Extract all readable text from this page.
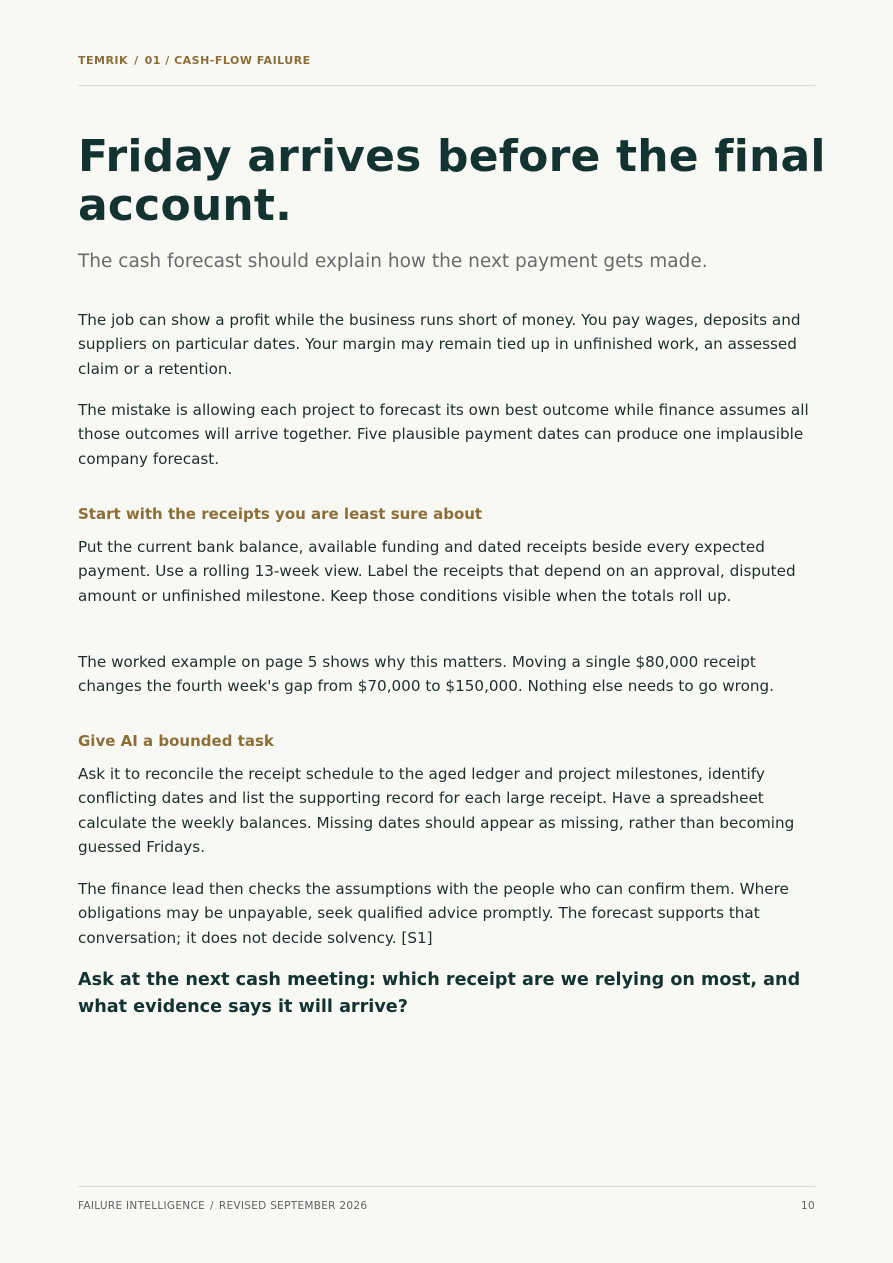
TEMRIK / 01 / CASH-FLOW FAILURE
Friday arrives before the final account.

The cash forecast should explain how the next payment gets made.

The job can show a profit while the business runs short of money. You pay wages, deposits and suppliers on particular dates. Your margin may remain tied up in unfinished work, an assessed claim or a retention.

The mistake is allowing each project to forecast its own best outcome while finance assumes all those outcomes will arrive together. Five plausible payment dates can produce one implausible company forecast.

Start with the receipts you are least sure about

Put the current bank balance, available funding and dated receipts beside every expected payment. Use a rolling 13-week view. Label the receipts that depend on an approval, disputed amount or unfinished milestone. Keep those conditions visible when the totals roll up.

The worked example on page 5 shows why this matters. Moving a single $80,000 receipt changes the fourth week's gap from $70,000 to $150,000. Nothing else needs to go wrong.

Give AI a bounded task

Ask it to reconcile the receipt schedule to the aged ledger and project milestones, identify conflicting dates and list the supporting record for each large receipt. Have a spreadsheet calculate the weekly balances. Missing dates should appear as missing, rather than becoming guessed Fridays.

The finance lead then checks the assumptions with the people who can confirm them. Where obligations may be unpayable, seek qualified advice promptly. The forecast supports that conversation; it does not decide solvency. [S1]

Ask at the next cash meeting: which receipt are we relying on most, and what evidence says it will arrive?

FAILURE INTELLIGENCE / REVISED SEPTEMBER 2026	10
